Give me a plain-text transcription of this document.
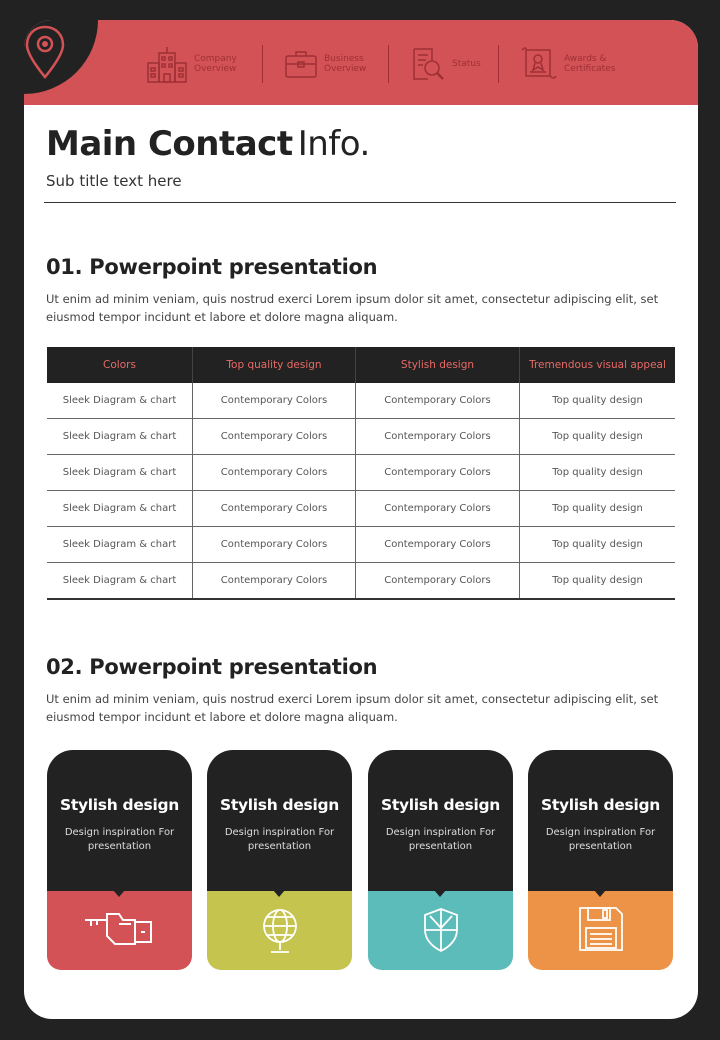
Company
Overview
Business
Overview	Status	Awards &
Certificates
Main Contact Info.
Sub title text here
01. Powerpoint presentation
Ut enim ad minim veniam, quis nostrud exerci Lorem ipsum dolor sit amet, consectetur adipiscing elit, set eiusmod tempor incidunt et labore et dolore magna aliquam.
Colors	Top quality design	Stylish design	Tremendous visual appeal
Sleek Diagram & chart	Contemporary Colors	Contemporary Colors	Top quality design
Sleek Diagram & chart	Contemporary Colors	Contemporary Colors	Top quality design
Sleek Diagram & chart	Contemporary Colors	Contemporary Colors	Top quality design
Sleek Diagram & chart	Contemporary Colors	Contemporary Colors	Top quality design
Sleek Diagram & chart	Contemporary Colors	Contemporary Colors	Top quality design
Sleek Diagram & chart	Contemporary Colors	Contemporary Colors	Top quality design
02. Powerpoint presentation
Ut enim ad minim veniam, quis nostrud exerci Lorem ipsum dolor sit amet, consectetur adipiscing elit, set eiusmod tempor incidunt et labore et dolore magna aliquam.
Stylish design
Design inspiration For presentation
Stylish design
Design inspiration For presentation
Stylish design
Design inspiration For presentation
Stylish design
Design inspiration For presentation
